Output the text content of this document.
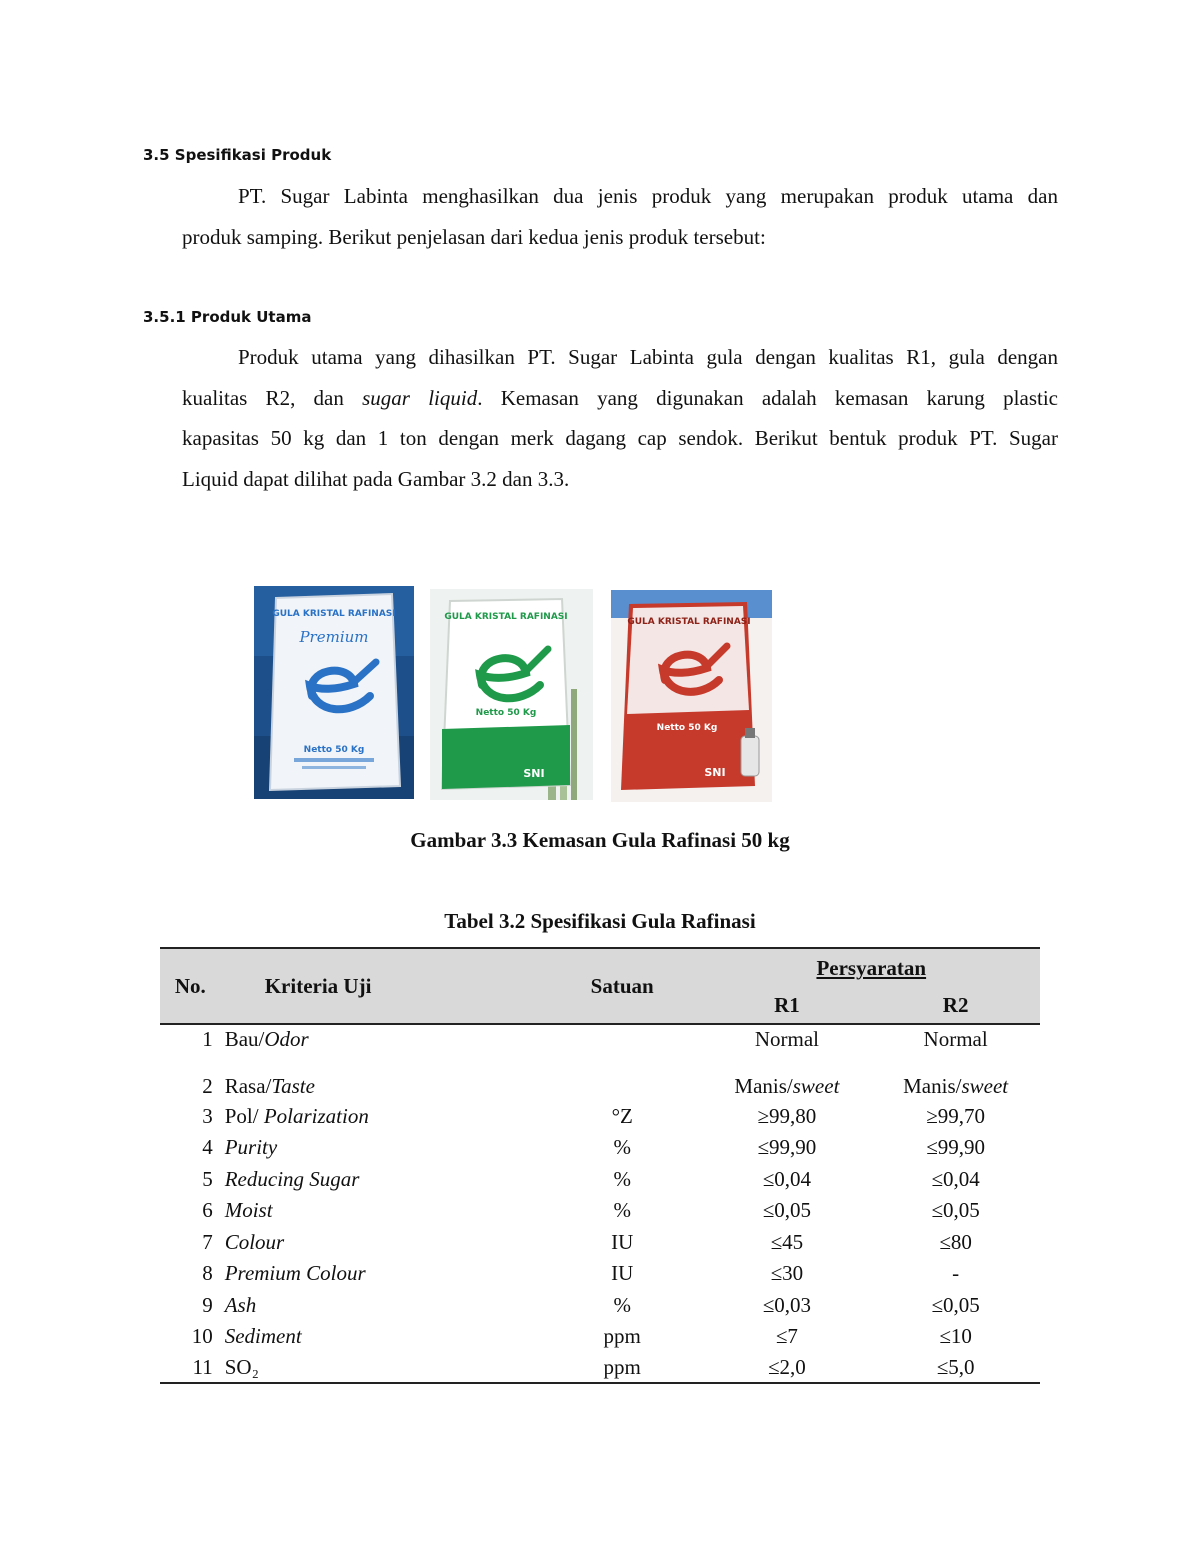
3.5 Spesifikasi Produk
PT. Sugar Labinta menghasilkan dua jenis produk yang merupakan produk utama dan
produk samping. Berikut penjelasan dari kedua jenis produk tersebut:
3.5.1 Produk Utama
Produk utama yang dihasilkan PT. Sugar Labinta gula dengan kualitas R1, gula dengan
kualitas R2, dan sugar liquid. Kemasan yang digunakan adalah kemasan karung plastic
kapasitas 50 kg dan 1 ton dengan merk dagang cap sendok. Berikut bentuk produk PT. Sugar
Liquid dapat dilihat pada Gambar 3.2 dan 3.3.
GULA KRISTAL RAFINASI
Premium
Netto 50 Kg
GULA KRISTAL RAFINASI
Netto 50 Kg
SNI
GULA KRISTAL RAFINASI
Netto 50 Kg
SNI
Gambar 3.3 Kemasan Gula Rafinasi 50 kg
Tabel 3.2 Spesifikasi Gula Rafinasi
No.	Kriteria Uji	Satuan	Persyaratan	
			R1	R2
1	Bau/Odor		Normal	Normal
2	Rasa/Taste		Manis/sweet	Manis/sweet
3	Pol/ Polarization	°Z	≥99,80	≥99,70
4	Purity	%	≤99,90	≤99,90
5	Reducing Sugar	%	≤0,04	≤0,04
6	Moist	%	≤0,05	≤0,05
7	Colour	IU	≤45	≤80
8	Premium Colour	IU	≤30	-
9	Ash	%	≤0,03	≤0,05
10	Sediment	ppm	≤7	≤10
11	SO₂	ppm	≤2,0	≤5,0
